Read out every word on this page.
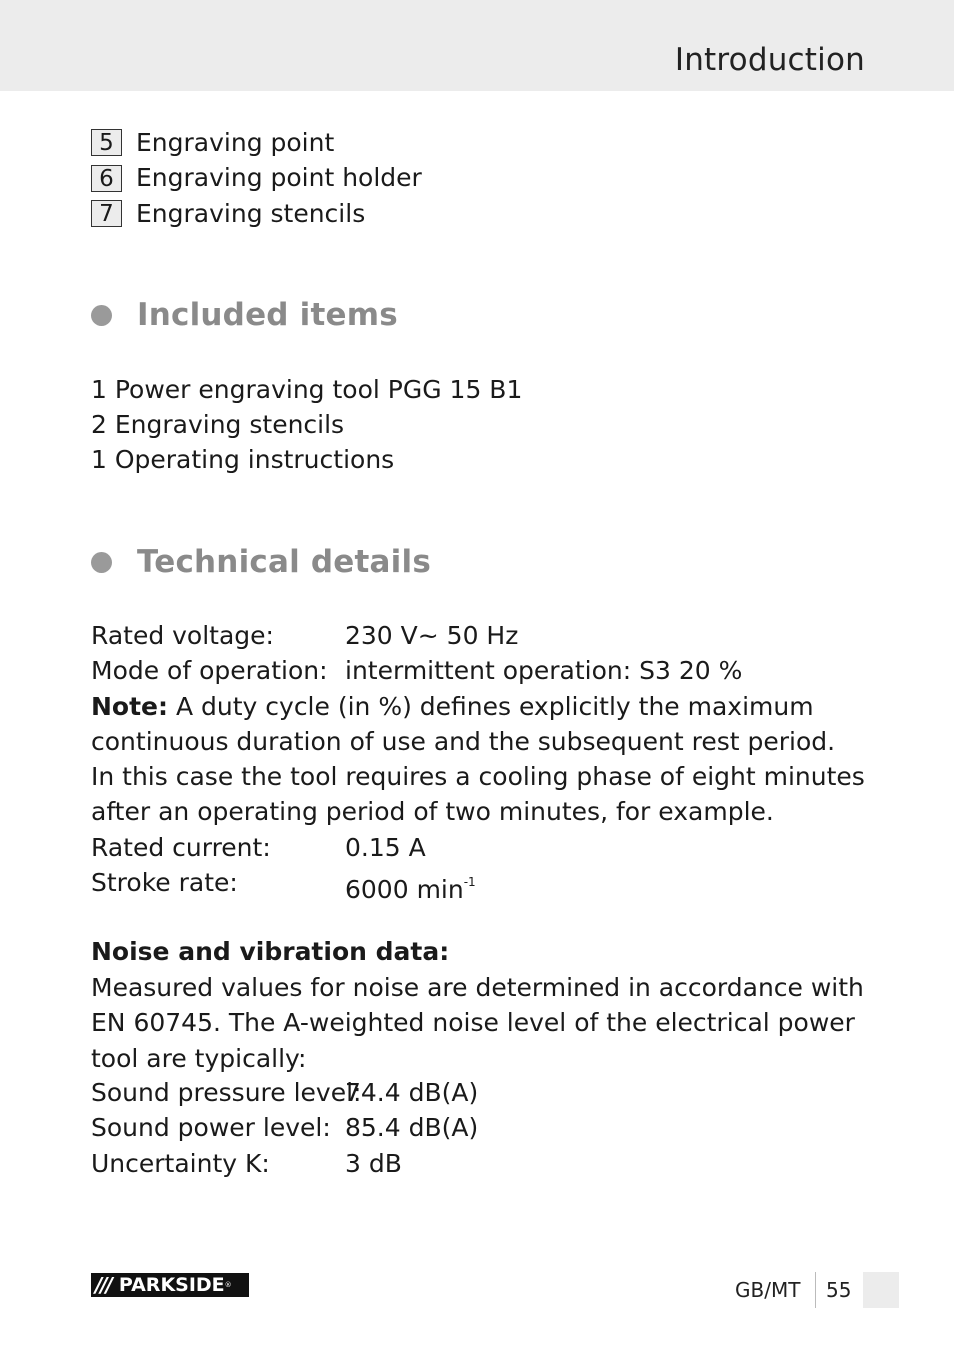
Introduction
5 Engraving point
6 Engraving point holder
7 Engraving stencils
Included items
1 Power engraving tool PGG 15 B1
2 Engraving stencils
1 Operating instructions
Technical details
Rated voltage:	230 V~ 50 Hz
Mode of operation: intermittent operation: S3 20 %
Note: A duty cycle (in %) defines explicitly the maximum continuous duration of use and the subsequent rest period. In this case the tool requires a cooling phase of eight minutes after an operating period of two minutes, for example.
Rated current:	0.15 A
Stroke rate:	6000 $\min^{-1}$
Noise and vibration data:
Measured values for noise are determined in accordance with EN 60745. The A-weighted noise level of the electrical power tool are typically:
Sound pressure level:
74.4 dB(A)
Sound power level: 85.4 dB(A)
Uncertainty K:	3 dB
/// PARKSIDE ®	GB/MT 55
